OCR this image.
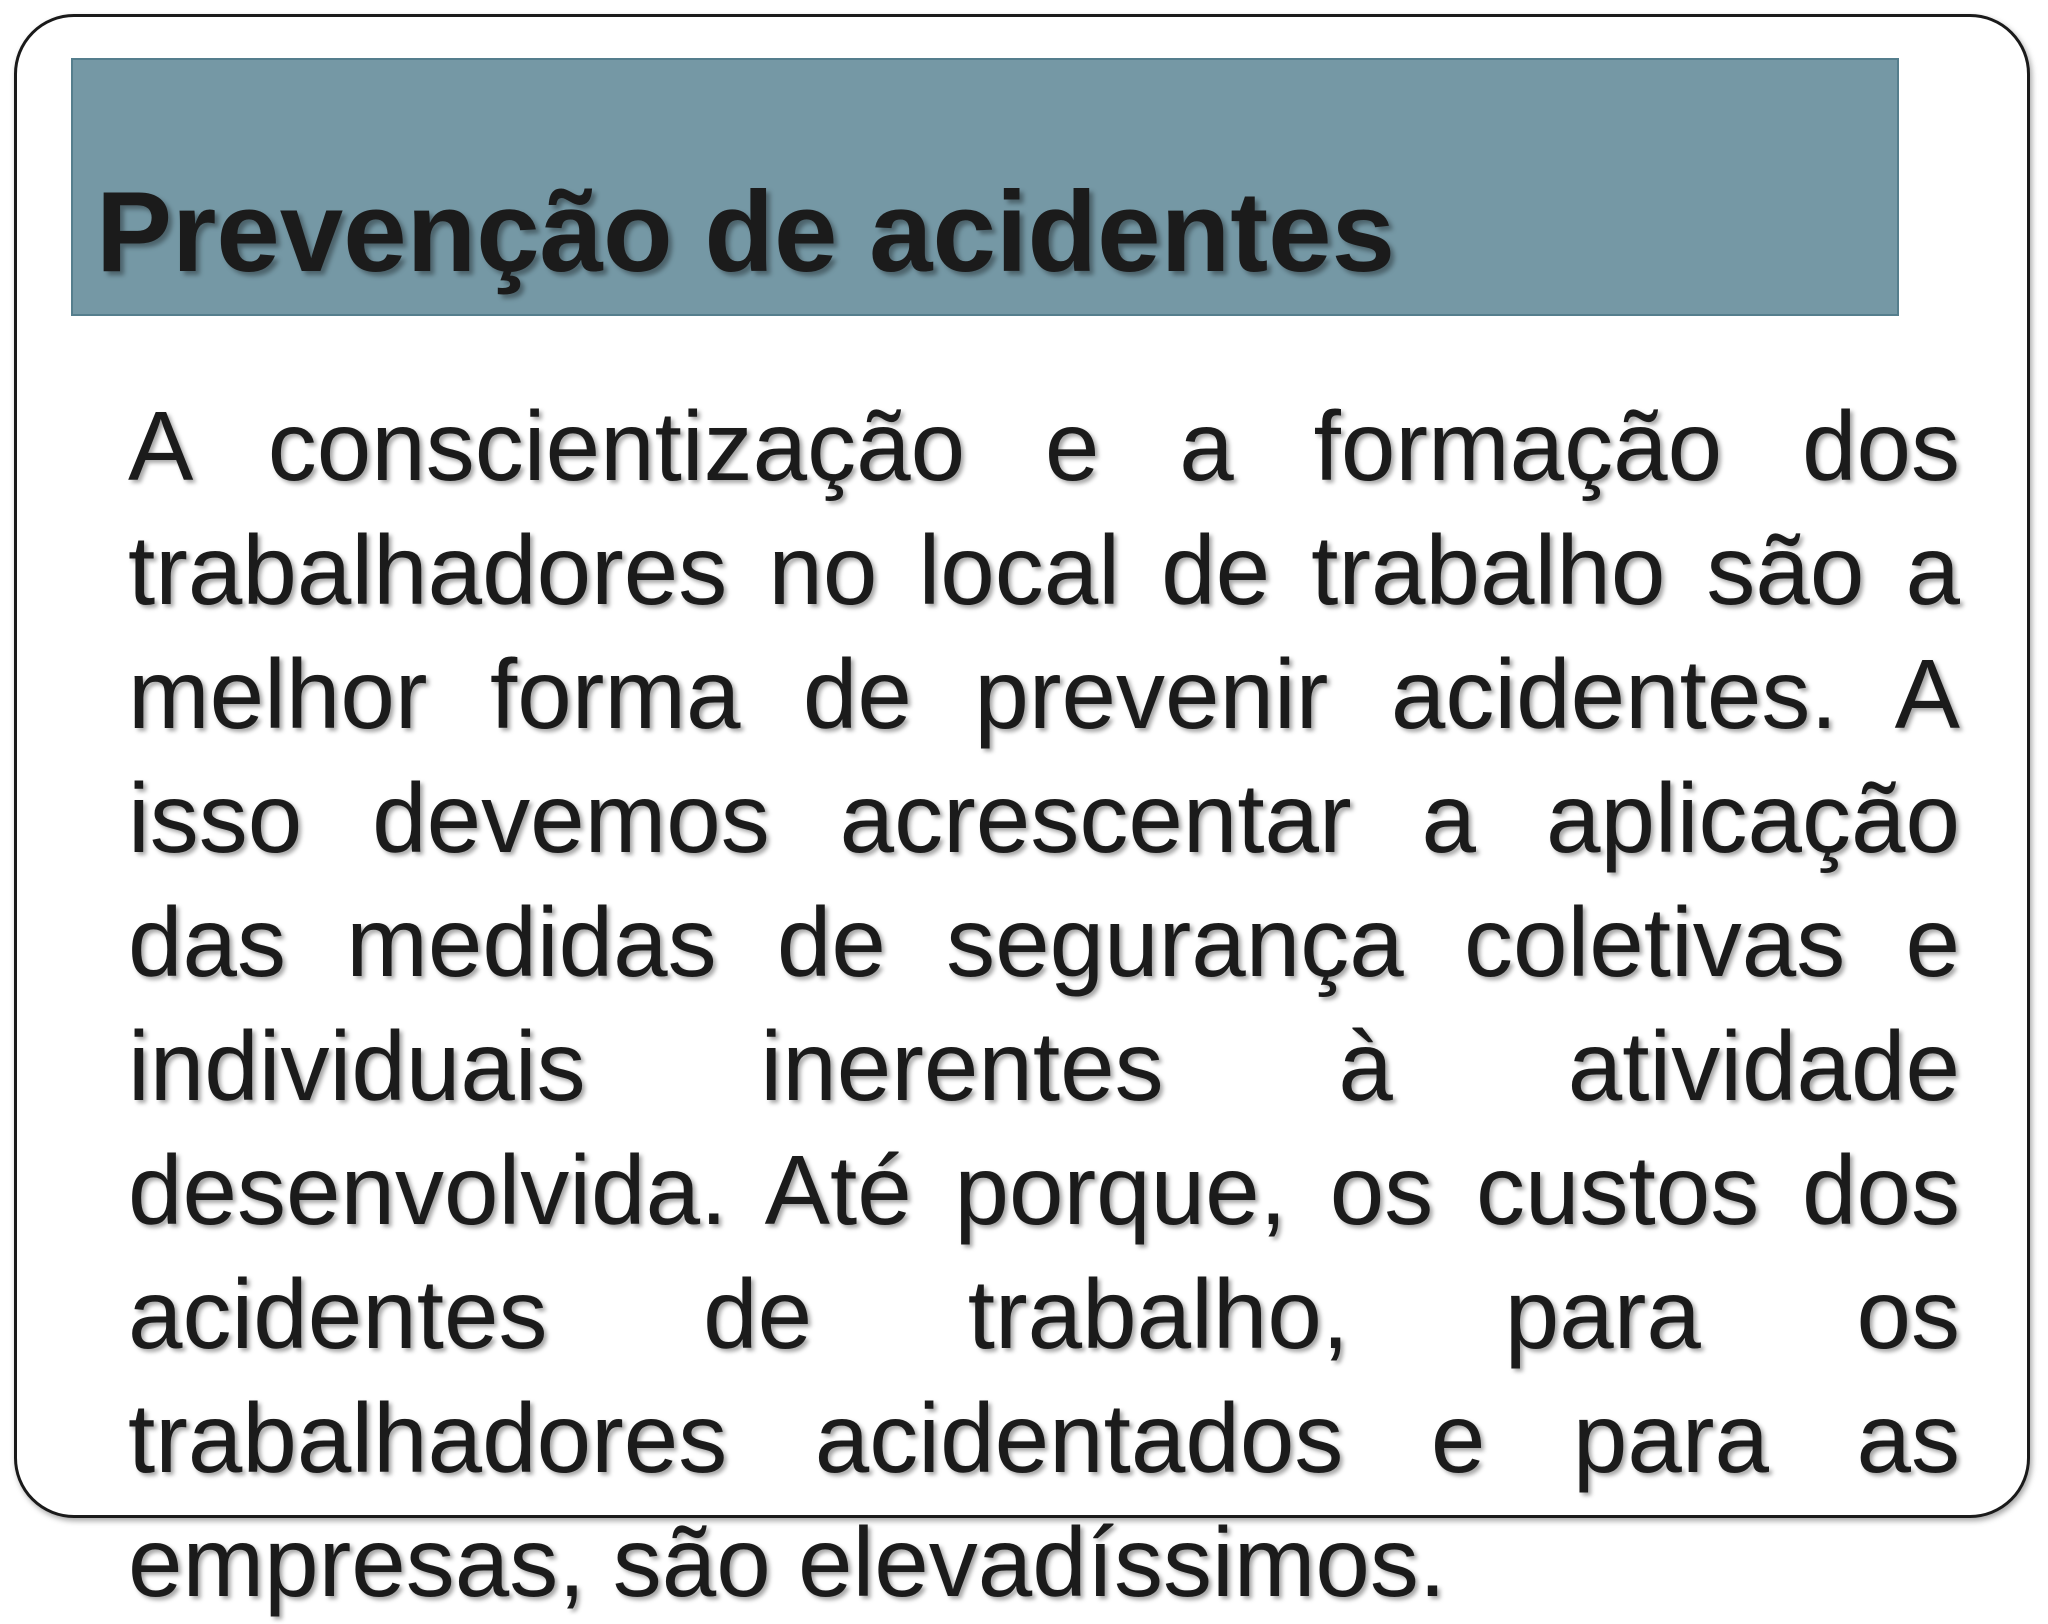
Prevenção de acidentes

A conscientização e a formação dos trabalhadores no local de trabalho são a melhor forma de prevenir acidentes. A isso devemos acrescentar a aplicação das medidas de segurança coletivas e individuais inerentes à atividade desenvolvida. Até porque, os custos dos acidentes de trabalho, para os trabalhadores acidentados e para as empresas, são elevadíssimos.
